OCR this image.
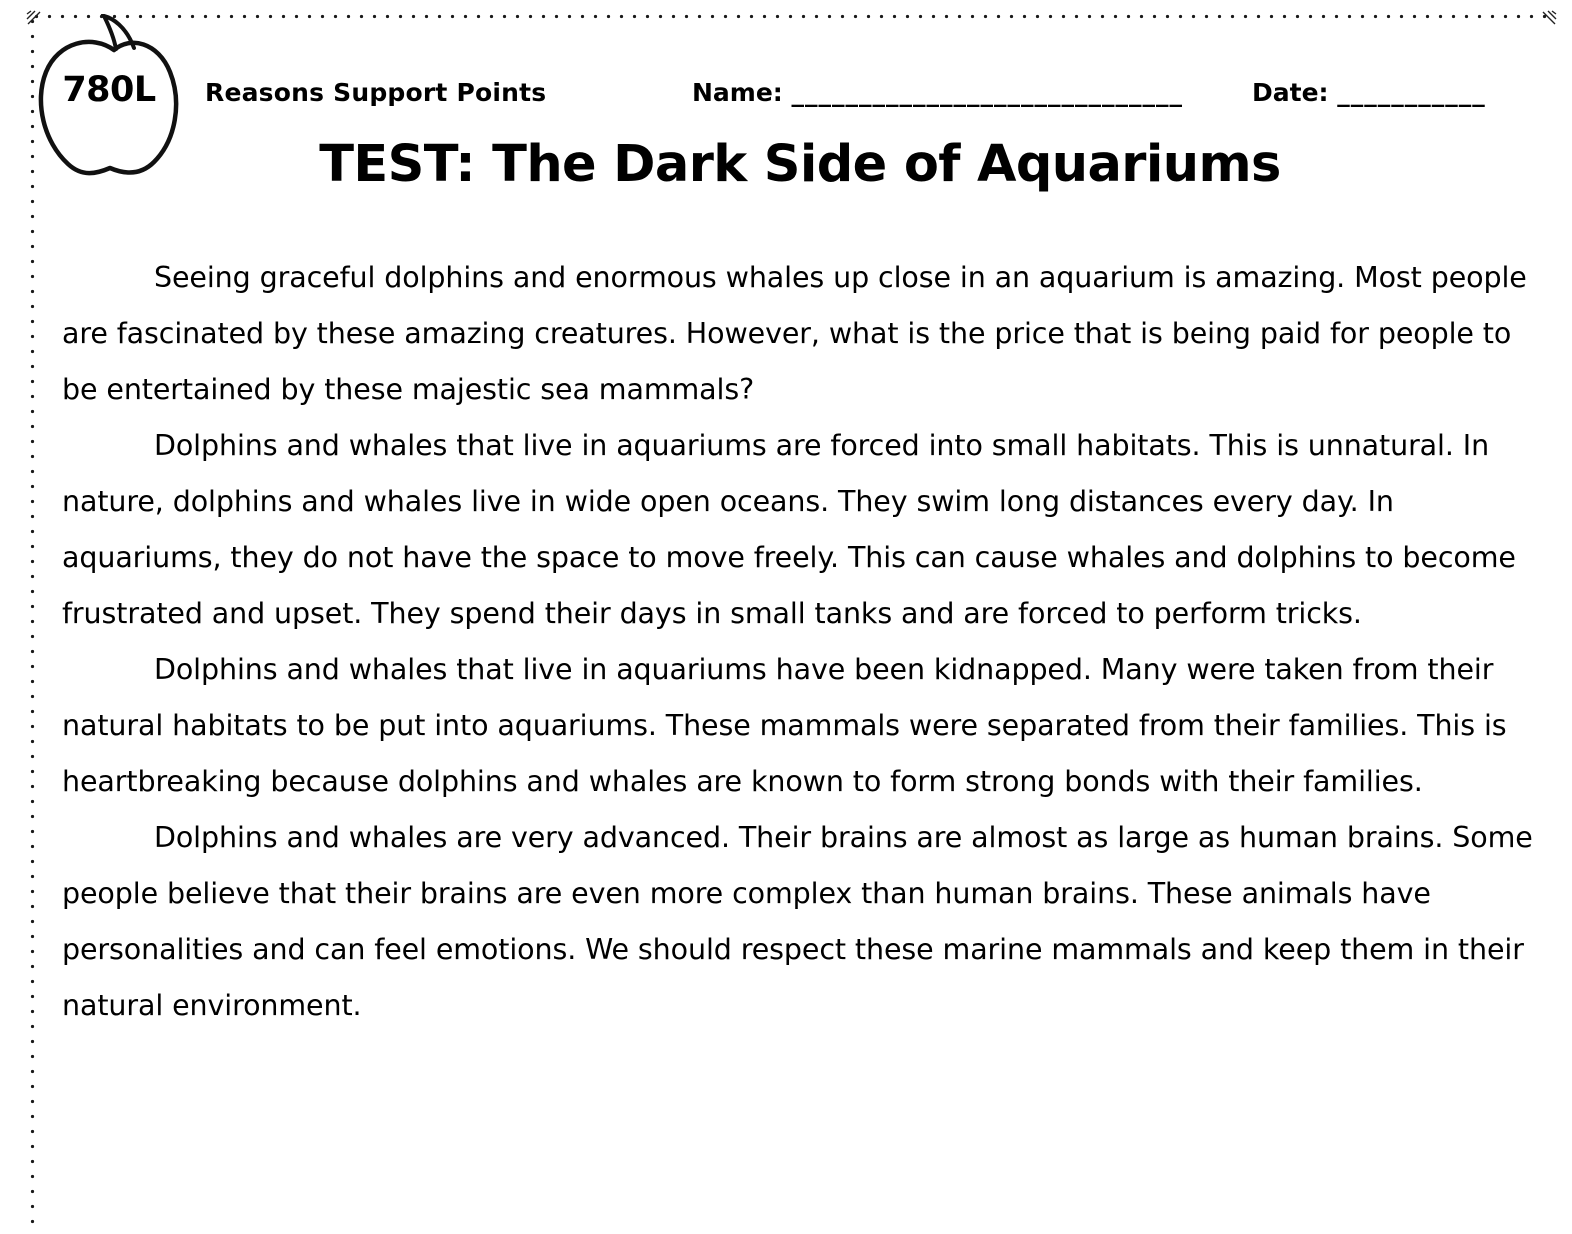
780L	Reasons Support Points	Name: _____________________________	Date: ___________
TEST: The Dark Side of Aquariums

Seeing graceful dolphins and enormous whales up close in an aquarium is amazing. Most people are fascinated by these amazing creatures. However, what is the price that is being paid for people to be entertained by these majestic sea mammals?

Dolphins and whales that live in aquariums are forced into small habitats. This is unnatural. In nature, dolphins and whales live in wide open oceans. They swim long distances every day. In aquariums, they do not have the space to move freely. This can cause whales and dolphins to become frustrated and upset. They spend their days in small tanks and are forced to perform tricks.

Dolphins and whales that live in aquariums have been kidnapped. Many were taken from their natural habitats to be put into aquariums. These mammals were separated from their families. This is heartbreaking because dolphins and whales are known to form strong bonds with their families.

Dolphins and whales are very advanced. Their brains are almost as large as human brains. Some people believe that their brains are even more complex than human brains. These animals have personalities and can feel emotions. We should respect these marine mammals and keep them in their natural environment.
